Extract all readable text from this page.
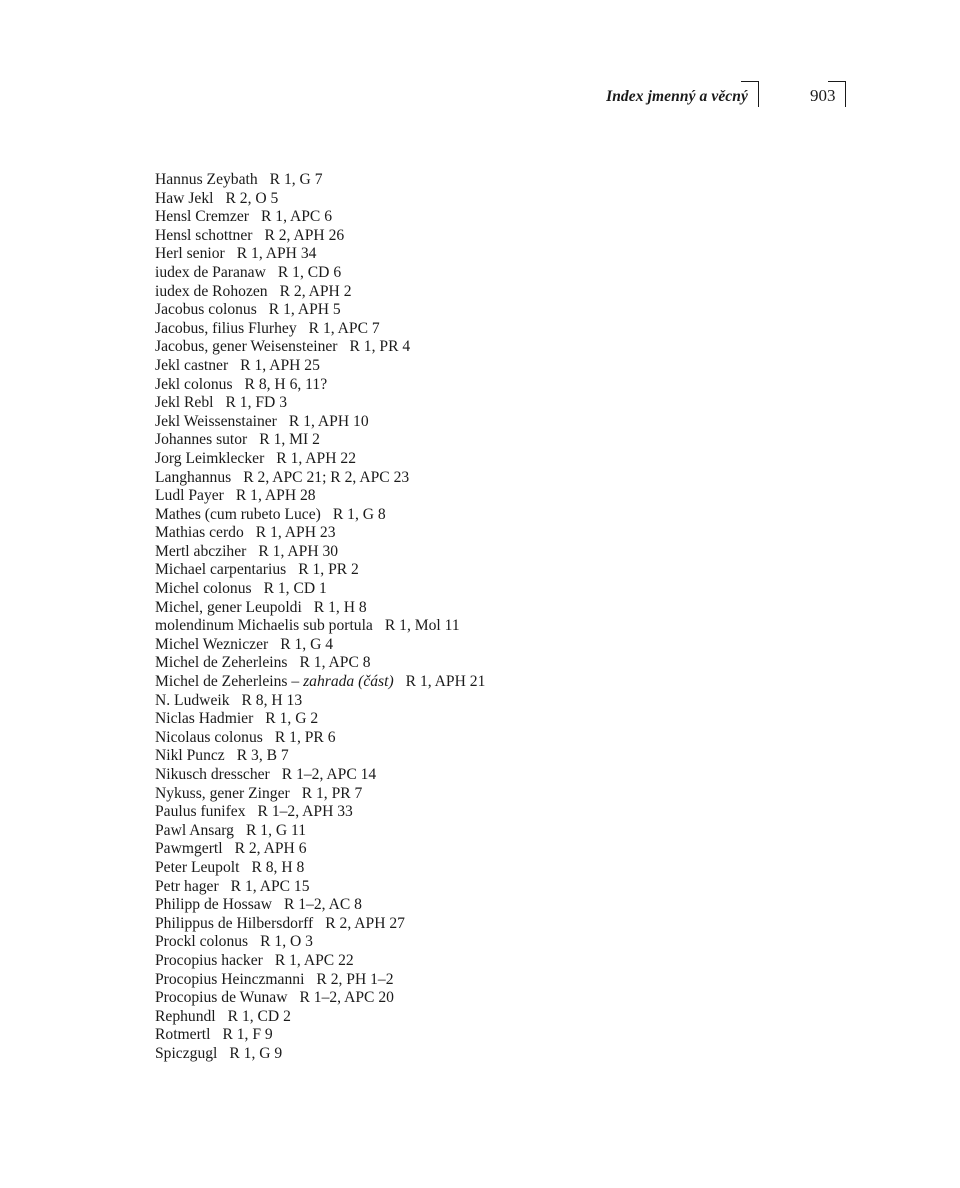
Index jmenný a věcný	903
Hannus Zeybath R 1, G 7
Haw Jekl R 2, O 5
Hensl Cremzer R 1, APC 6
Hensl schottner R 2, APH 26
Herl senior R 1, APH 34
iudex de Paranaw R 1, CD 6
iudex de Rohozen R 2, APH 2
Jacobus colonus R 1, APH 5
Jacobus, filius Flurhey R 1, APC 7
Jacobus, gener Weisensteiner R 1, PR 4
Jekl castner R 1, APH 25
Jekl colonus R 8, H 6, 11?
Jekl Rebl R 1, FD 3
Jekl Weissenstainer R 1, APH 10
Johannes sutor R 1, MI 2
Jorg Leimklecker R 1, APH 22
Langhannus R 2, APC 21; R 2, APC 23
Ludl Payer R 1, APH 28
Mathes (cum rubeto Luce) R 1, G 8
Mathias cerdo R 1, APH 23
Mertl abcziher R 1, APH 30
Michael carpentarius R 1, PR 2
Michel colonus R 1, CD 1
Michel, gener Leupoldi R 1, H 8
molendinum Michaelis sub portula R 1, Mol 11
Michel Wezniczer R 1, G 4
Michel de Zeherleins R 1, APC 8
Michel de Zeherleins – zahrada (část) R 1, APH 21
N. Ludweik R 8, H 13
Niclas Hadmier R 1, G 2
Nicolaus colonus R 1, PR 6
Nikl Puncz R 3, B 7
Nikusch dresscher R 1–2, APC 14
Nykuss, gener Zinger R 1, PR 7
Paulus funifex R 1–2, APH 33
Pawl Ansarg R 1, G 11
Pawmgertl R 2, APH 6
Peter Leupolt R 8, H 8
Petr hager R 1, APC 15
Philipp de Hossaw R 1–2, AC 8
Philippus de Hilbersdorff R 2, APH 27
Prockl colonus R 1, O 3
Procopius hacker R 1, APC 22
Procopius Heinczmanni R 2, PH 1–2
Procopius de Wunaw R 1–2, APC 20
Rephundl R 1, CD 2
Rotmertl R 1, F 9
Spiczgugl R 1, G 9
